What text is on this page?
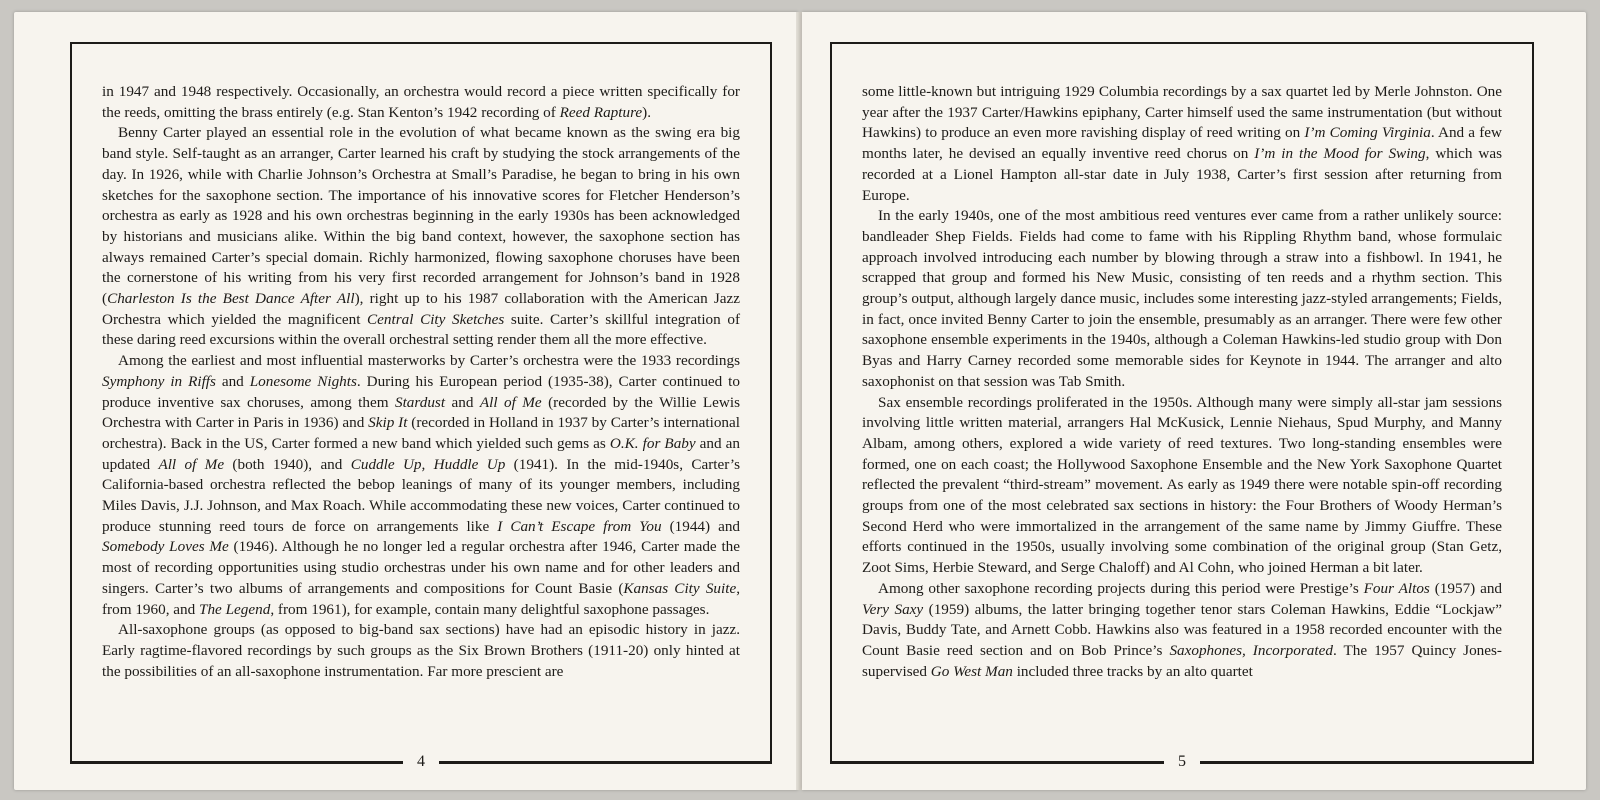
in 1947 and 1948 respectively. Occasionally, an orchestra would record a piece written specifically for the reeds, omitting the brass entirely (e.g. Stan Kenton’s 1942 recording of Reed Rapture).

Benny Carter played an essential role in the evolution of what became known as the swing era big band style. Self-taught as an arranger, Carter learned his craft by studying the stock arrangements of the day. In 1926, while with Charlie Johnson’s Orchestra at Small’s Paradise, he began to bring in his own sketches for the saxophone section. The importance of his innovative scores for Fletcher Henderson’s orchestra as early as 1928 and his own orchestras beginning in the early 1930s has been acknowledged by historians and musicians alike. Within the big band context, however, the saxophone section has always remained Carter’s special domain. Richly harmonized, flowing saxophone choruses have been the cornerstone of his writing from his very first recorded arrangement for Johnson’s band in 1928 (Charleston Is the Best Dance After All), right up to his 1987 collaboration with the American Jazz Orchestra which yielded the magnificent Central City Sketches suite. Carter’s skillful integration of these daring reed excursions within the overall orchestral setting render them all the more effective.

Among the earliest and most influential masterworks by Carter’s orchestra were the 1933 recordings Symphony in Riffs and Lonesome Nights. During his European period (1935-38), Carter continued to produce inventive sax choruses, among them Stardust and All of Me (recorded by the Willie Lewis Orchestra with Carter in Paris in 1936) and Skip It (recorded in Holland in 1937 by Carter’s international orchestra). Back in the US, Carter formed a new band which yielded such gems as O.K. for Baby and an updated All of Me (both 1940), and Cuddle Up, Huddle Up (1941). In the mid-1940s, Carter’s California-based orchestra reflected the bebop leanings of many of its younger members, including Miles Davis, J.J. Johnson, and Max Roach. While accommodating these new voices, Carter continued to produce stunning reed tours de force on arrangements like I Can’t Escape from You (1944) and Somebody Loves Me (1946). Although he no longer led a regular orchestra after 1946, Carter made the most of recording opportunities using studio orchestras under his own name and for other leaders and singers. Carter’s two albums of arrangements and compositions for Count Basie (Kansas City Suite, from 1960, and The Legend, from 1961), for example, contain many delightful saxophone passages.

All-saxophone groups (as opposed to big-band sax sections) have had an episodic history in jazz. Early ragtime-flavored recordings by such groups as the Six Brown Brothers (1911-20) only hinted at the possibilities of an all-saxophone instrumentation. Far more prescient are

4

some little-known but intriguing 1929 Columbia recordings by a sax quartet led by Merle Johnston. One year after the 1937 Carter/Hawkins epiphany, Carter himself used the same instrumentation (but without Hawkins) to produce an even more ravishing display of reed writing on I’m Coming Virginia. And a few months later, he devised an equally inventive reed chorus on I’m in the Mood for Swing, which was recorded at a Lionel Hampton all-star date in July 1938, Carter’s first session after returning from Europe.

In the early 1940s, one of the most ambitious reed ventures ever came from a rather unlikely source: bandleader Shep Fields. Fields had come to fame with his Rippling Rhythm band, whose formulaic approach involved introducing each number by blowing through a straw into a fishbowl. In 1941, he scrapped that group and formed his New Music, consisting of ten reeds and a rhythm section. This group’s output, although largely dance music, includes some interesting jazz-styled arrangements; Fields, in fact, once invited Benny Carter to join the ensemble, presumably as an arranger. There were few other saxophone ensemble experiments in the 1940s, although a Coleman Hawkins-led studio group with Don Byas and Harry Carney recorded some memorable sides for Keynote in 1944. The arranger and alto saxophonist on that session was Tab Smith.

Sax ensemble recordings proliferated in the 1950s. Although many were simply all-star jam sessions involving little written material, arrangers Hal McKusick, Lennie Niehaus, Spud Murphy, and Manny Albam, among others, explored a wide variety of reed textures. Two long-standing ensembles were formed, one on each coast; the Hollywood Saxophone Ensemble and the New York Saxophone Quartet reflected the prevalent “third-stream” movement. As early as 1949 there were notable spin-off recording groups from one of the most celebrated sax sections in history: the Four Brothers of Woody Herman’s Second Herd who were immortalized in the arrangement of the same name by Jimmy Giuffre. These efforts continued in the 1950s, usually involving some combination of the original group (Stan Getz, Zoot Sims, Herbie Steward, and Serge Chaloff) and Al Cohn, who joined Herman a bit later.

Among other saxophone recording projects during this period were Prestige’s Four Altos (1957) and Very Saxy (1959) albums, the latter bringing together tenor stars Coleman Hawkins, Eddie “Lockjaw” Davis, Buddy Tate, and Arnett Cobb. Hawkins also was featured in a 1958 recorded encounter with the Count Basie reed section and on Bob Prince’s Saxophones, Incorporated. The 1957 Quincy Jones-supervised Go West Man included three tracks by an alto quartet

5
